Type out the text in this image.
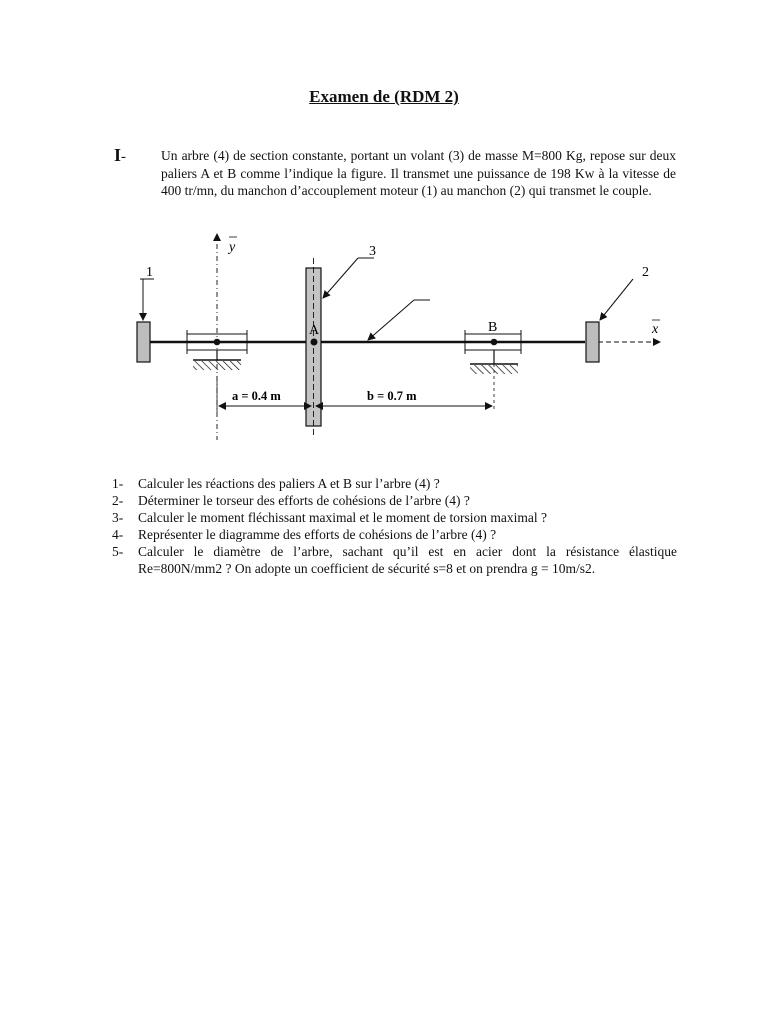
Examen de (RDM 2)
I-	Un arbre (4) de section constante, portant un volant (3) de masse M=800 Kg, repose sur deux paliers A et B comme l’indique la figure. Il transmet une puissance de 198 Kw à la vitesse de 400 tr/mn, du manchon d’accouplement moteur (1) au manchon (2) qui transmet le couple.

y
x
1	2
A
3
B
a = 0.4 m	b = 0.7 m
1-	Calculer les réactions des paliers A et B sur l’arbre (4) ?
2-	Déterminer le torseur des efforts de cohésions de l’arbre (4) ?
3-	Calculer le moment fléchissant maximal et le moment de torsion maximal ?
4-	Représenter le diagramme des efforts de cohésions de l’arbre (4) ?
5-	Calculer le diamètre de l’arbre, sachant qu’il est en acier dont la résistance élastique Re=800N/mm2 ? On adopte un coefficient de sécurité s=8 et on prendra g = 10m/s2.
